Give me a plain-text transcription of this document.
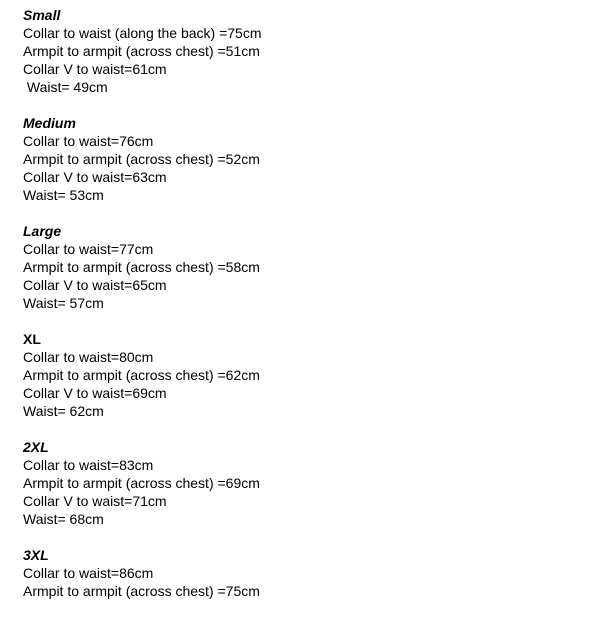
Small

Collar to waist (along the back) =75cm

Armpit to armpit (across chest) =51cm

Collar V to waist=61cm

Waist= 49cm

Medium

Collar to waist=76cm

Armpit to armpit (across chest) =52cm

Collar V to waist=63cm

Waist= 53cm

Large

Collar to waist=77cm

Armpit to armpit (across chest) =58cm

Collar V to waist=65cm

Waist= 57cm

XL

Collar to waist=80cm

Armpit to armpit (across chest) =62cm

Collar V to waist=69cm

Waist= 62cm

2XL

Collar to waist=83cm

Armpit to armpit (across chest) =69cm

Collar V to waist=71cm

Waist= 68cm

3XL

Collar to waist=86cm

Armpit to armpit (across chest) =75cm
